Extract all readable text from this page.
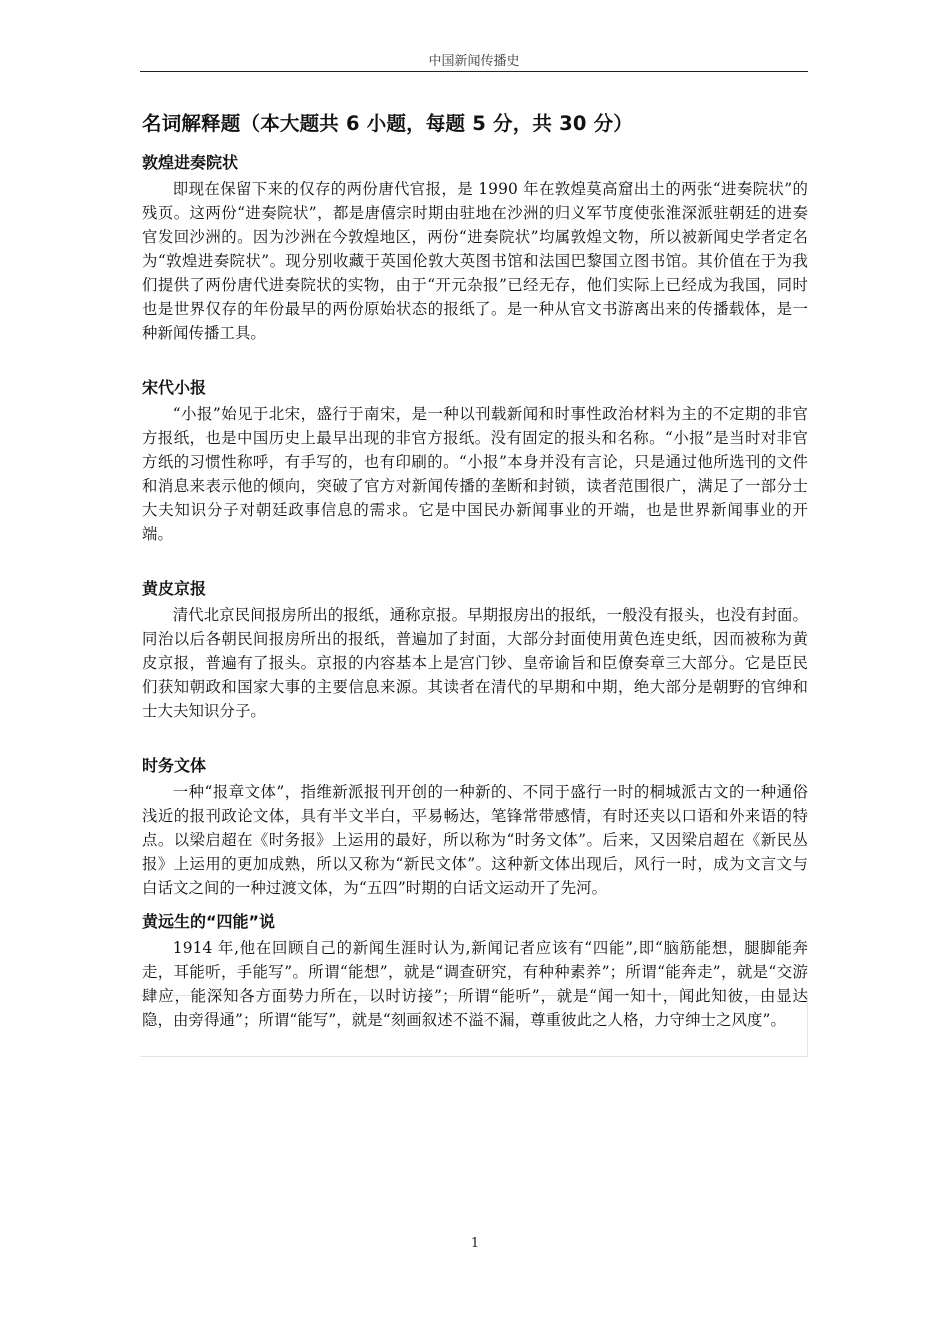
中国新闻传播史
名词解释题（本大题共 6 小题，每题 5 分，共 30 分）
敦煌进奏院状

即现在保留下来的仅存的两份唐代官报，是 1990 年在敦煌莫高窟出土的两张“进奏院状”的残页。这两份“进奏院状”，都是唐僖宗时期由驻地在沙洲的归义军节度使张淮深派驻朝廷的进奏官发回沙洲的。因为沙洲在今敦煌地区，两份“进奏院状”均属敦煌文物，所以被新闻史学者定名为“敦煌进奏院状”。现分别收藏于英国伦敦大英图书馆和法国巴黎国立图书馆。其价值在于为我们提供了两份唐代进奏院状的实物，由于“开元杂报”已经无存，他们实际上已经成为我国，同时也是世界仅存的年份最早的两份原始状态的报纸了。是一种从官文书游离出来的传播载体，是一种新闻传播工具。

宋代小报

“小报”始见于北宋，盛行于南宋，是一种以刊载新闻和时事性政治材料为主的不定期的非官方报纸，也是中国历史上最早出现的非官方报纸。没有固定的报头和名称。“小报”是当时对非官方纸的习惯性称呼，有手写的，也有印刷的。“小报”本身并没有言论，只是通过他所选刊的文件和消息来表示他的倾向，突破了官方对新闻传播的垄断和封锁，读者范围很广，满足了一部分士大夫知识分子对朝廷政事信息的需求。它是中国民办新闻事业的开端，也是世界新闻事业的开端。

黄皮京报

清代北京民间报房所出的报纸，通称京报。早期报房出的报纸，一般没有报头，也没有封面。同治以后各朝民间报房所出的报纸，普遍加了封面，大部分封面使用黄色连史纸，因而被称为黄皮京报，普遍有了报头。京报的内容基本上是宫门钞、皇帝谕旨和臣僚奏章三大部分。它是臣民们获知朝政和国家大事的主要信息来源。其读者在清代的早期和中期，绝大部分是朝野的官绅和士大夫知识分子。

时务文体

一种“报章文体”，指维新派报刊开创的一种新的、不同于盛行一时的桐城派古文的一种通俗浅近的报刊政论文体，具有半文半白，平易畅达，笔锋常带感情，有时还夹以口语和外来语的特点。以梁启超在《时务报》上运用的最好，所以称为“时务文体”。后来，又因梁启超在《新民丛报》上运用的更加成熟，所以又称为“新民文体”。这种新文体出现后，风行一时，成为文言文与白话文之间的一种过渡文体，为“五四”时期的白话文运动开了先河。

黄远生的“四能”说

1914 年,他在回顾自己的新闻生涯时认为,新闻记者应该有“四能”,即“脑筋能想，腿脚能奔走，耳能听，手能写”。所谓“能想”，就是“调查研究，有种种素养”；所谓“能奔走”，就是“交游肆应，能深知各方面势力所在，以时访接”；所谓“能听”，就是“闻一知十，闻此知彼，由显达隐，由旁得通”；所谓“能写”，就是“刻画叙述不溢不漏，尊重彼此之人格，力守绅士之风度”。

1
